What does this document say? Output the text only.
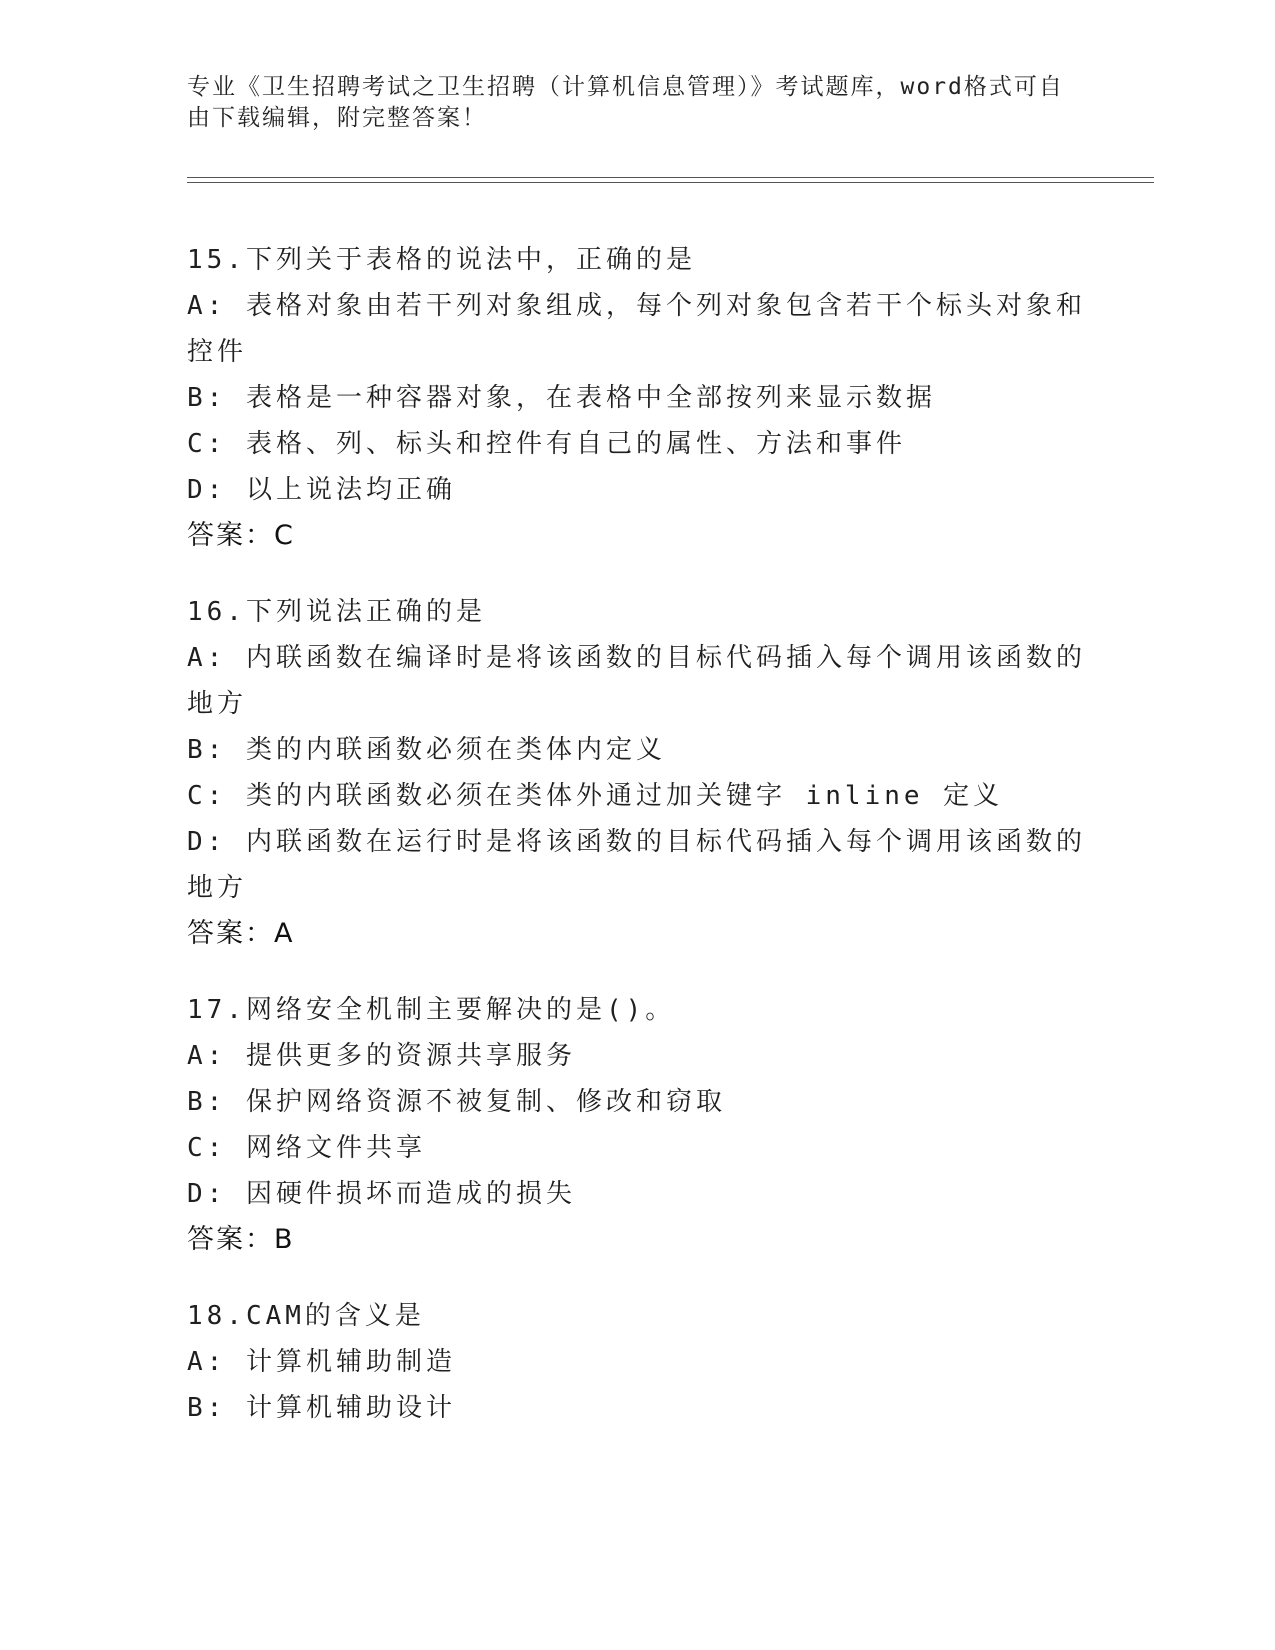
专业《卫生招聘考试之卫生招聘（计算机信息管理）》考试题库，word格式可自由下载编辑，附完整答案！
15.下列关于表格的说法中，正确的是
A: 表格对象由若干列对象组成，每个列对象包含若干个标头对象和控件
B: 表格是一种容器对象，在表格中全部按列来显示数据
C: 表格、列、标头和控件有自己的属性、方法和事件
D: 以上说法均正确
答案：C
16.下列说法正确的是
A: 内联函数在编译时是将该函数的目标代码插入每个调用该函数的地方
B: 类的内联函数必须在类体内定义
C: 类的内联函数必须在类体外通过加关键字 inline 定义
D: 内联函数在运行时是将该函数的目标代码插入每个调用该函数的地方
答案：A
17.网络安全机制主要解决的是()。
A: 提供更多的资源共享服务
B: 保护网络资源不被复制、修改和窃取
C: 网络文件共享
D: 因硬件损坏而造成的损失
答案：B
18.CAM的含义是
A: 计算机辅助制造
B: 计算机辅助设计
